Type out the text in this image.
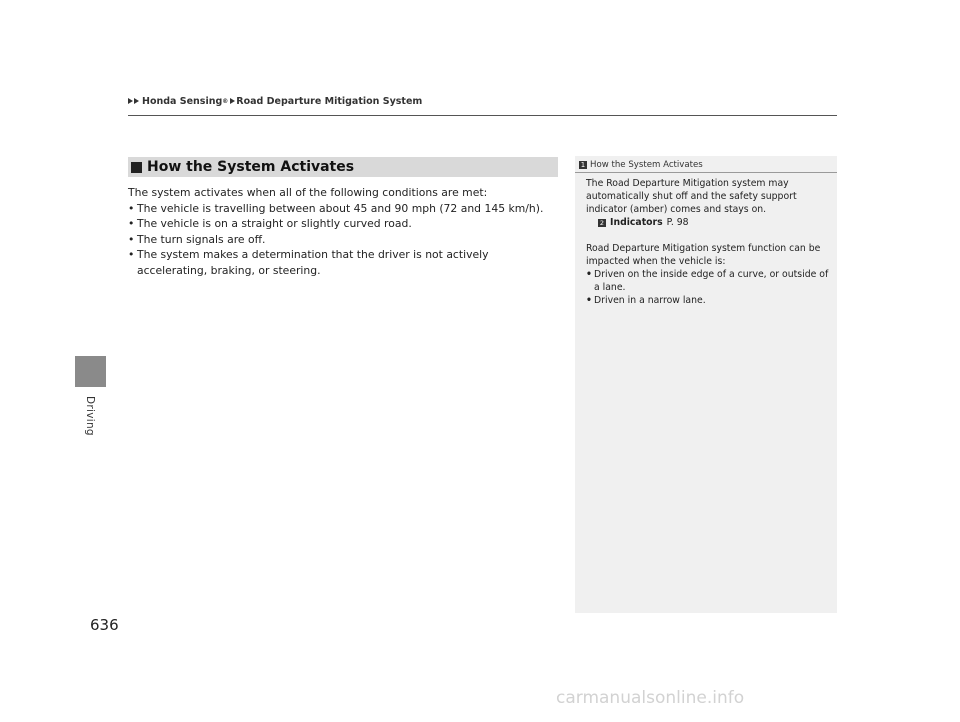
Honda Sensing ® Road Departure Mitigation System
Driving
636
How the System Activates

The system activates when all of the following conditions are met:

• The vehicle is travelling between about 45 and 90 mph (72 and 145 km/h).
• The vehicle is on a straight or slightly curved road.
• The turn signals are off.
• The system makes a determination that the driver is not actively accelerating, braking, or steering.
1 How the System Activates

The Road Departure Mitigation system may automatically shut off and the safety support indicator (amber) comes and stays on.

2 Indicators P. 98

Road Departure Mitigation system function can be impacted when the vehicle is:

• Driven on the inside edge of a curve, or outside of a lane.
• Driven in a narrow lane.
carmanualsonline.info
